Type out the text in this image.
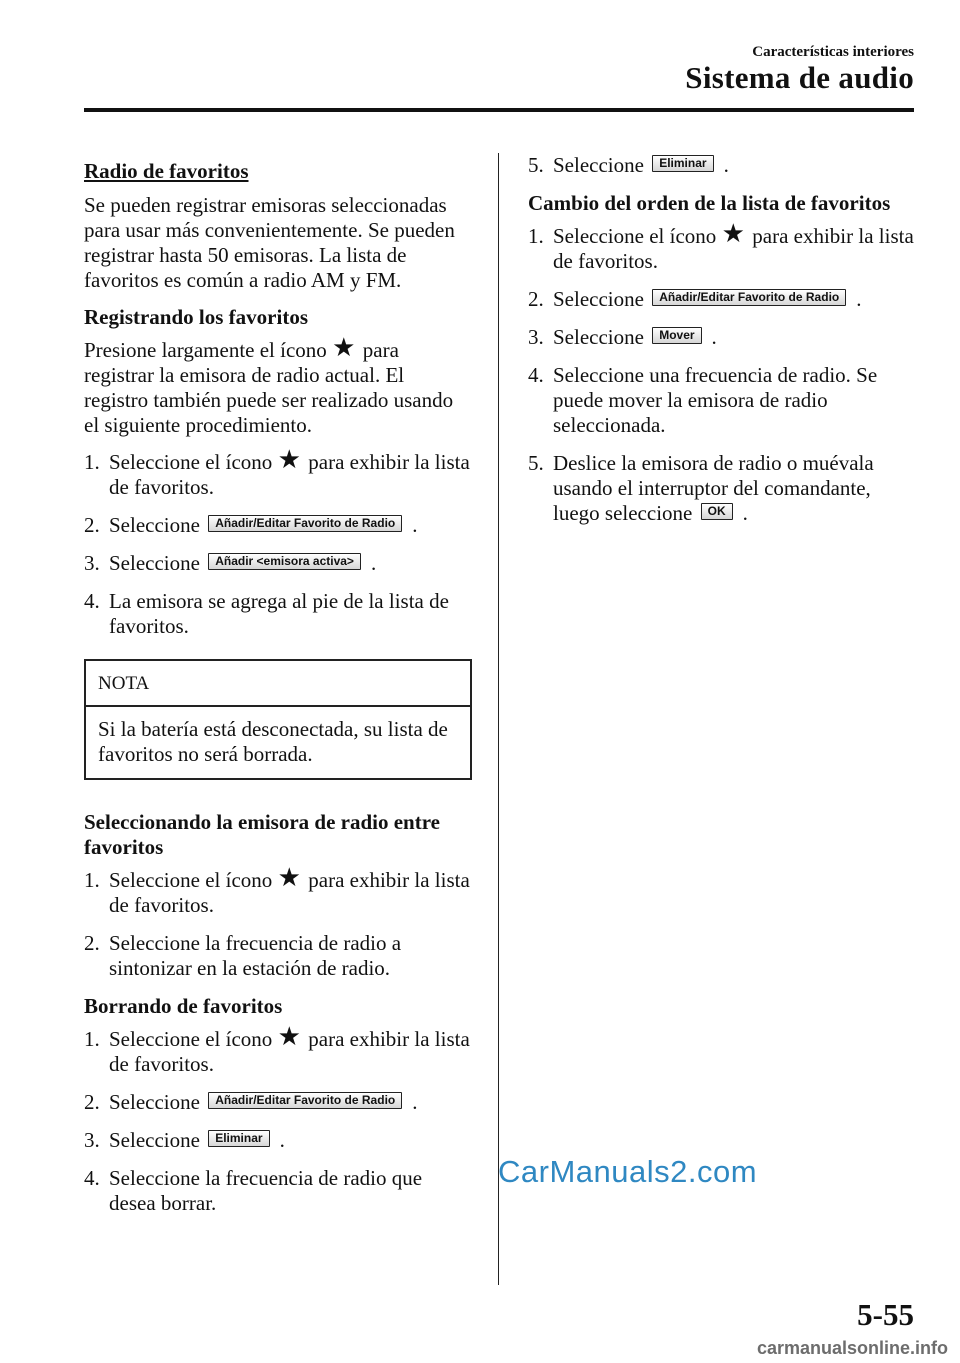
Características interiores
Sistema de audio
Radio de favoritos

Se pueden registrar emisoras seleccionadas para usar más convenientemente. Se pueden registrar hasta 50 emisoras. La lista de favoritos es común a radio AM y FM.

Registrando los favoritos

Presione largamente el ícono ★ para registrar la emisora de radio actual. El registro también puede ser realizado usando el siguiente procedimiento.

1. Seleccione el ícono ★ para exhibir la lista de favoritos.
2. Seleccione Añadir/Editar Favorito de Radio .
3. Seleccione Añadir <emisora activa> .
4. La emisora se agrega al pie de la lista de favoritos.
NOTA
Si la batería está desconectada, su lista de favoritos no será borrada.
Seleccionando la emisora de radio entre favoritos
1. Seleccione el ícono ★ para exhibir la lista de favoritos.
2. Seleccione la frecuencia de radio a sintonizar en la estación de radio.
Borrando de favoritos
1. Seleccione el ícono ★ para exhibir la lista de favoritos.
2. Seleccione Añadir/Editar Favorito de Radio .
3. Seleccione Eliminar .
4. Seleccione la frecuencia de radio que desea borrar.
5. Seleccione Eliminar .
Cambio del orden de la lista de favoritos
1. Seleccione el ícono ★ para exhibir la lista de favoritos.
2. Seleccione Añadir/Editar Favorito de Radio .
3. Seleccione Mover .
4. Seleccione una frecuencia de radio. Se puede mover la emisora de radio seleccionada.
5. Deslice la emisora de radio o muévala usando el interruptor del comandante, luego seleccione OK .
CarManuals2.com
5-55
carmanualsonline.info
